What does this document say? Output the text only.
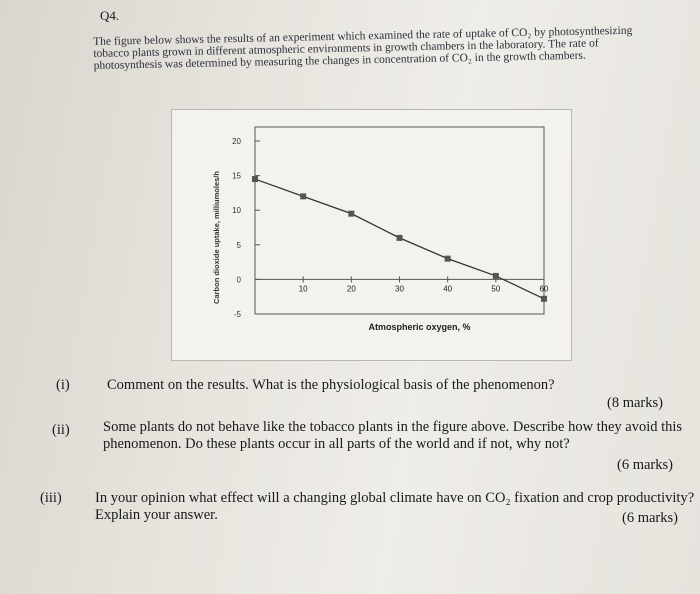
Q4.
The figure below shows the results of an experiment which examined the rate of uptake of CO₂ by photosynthesizing tobacco plants grown in different atmospheric environments in growth chambers in the laboratory. The rate of photosynthesis was determined by measuring the changes in concentration of CO₂ in the growth chambers.
20
15
10
5
0
-5
10	20	30	40	50	60
Atmospheric oxygen, %
Carbon dioxide uptake, milliumoles/h
(i)	Comment on the results. What is the physiological basis of the phenomenon?
(8 marks)
(ii) Some plants do not behave like the tobacco plants in the figure above. Describe how they avoid this phenomenon. Do these plants occur in all parts of the world and if not, why not?
(6 marks)
(iii) In your opinion what effect will a changing global climate have on CO₂ fixation and crop productivity? Explain your answer.	(6 marks)
